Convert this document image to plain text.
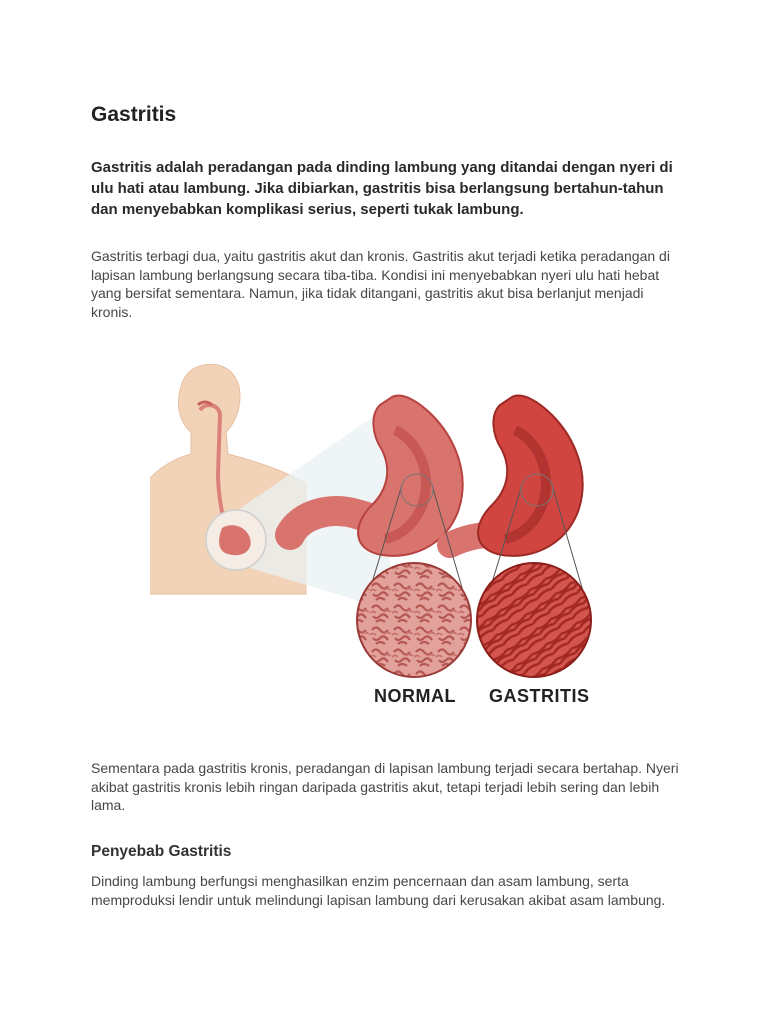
Gastritis

Gastritis adalah peradangan pada dinding lambung yang ditandai dengan nyeri di ulu hati atau lambung. Jika dibiarkan, gastritis bisa berlangsung bertahun-tahun dan menyebabkan komplikasi serius, seperti tukak lambung.

Gastritis terbagi dua, yaitu gastritis akut dan kronis. Gastritis akut terjadi ketika peradangan di lapisan lambung berlangsung secara tiba-tiba. Kondisi ini menyebabkan nyeri ulu hati hebat yang bersifat sementara. Namun, jika tidak ditangani, gastritis akut bisa berlanjut menjadi kronis.

NORMAL GASTRITIS

Sementara pada gastritis kronis, peradangan di lapisan lambung terjadi secara bertahap. Nyeri akibat gastritis kronis lebih ringan daripada gastritis akut, tetapi terjadi lebih sering dan lebih lama.

Penyebab Gastritis

Dinding lambung berfungsi menghasilkan enzim pencernaan dan asam lambung, serta memproduksi lendir untuk melindungi lapisan lambung dari kerusakan akibat asam lambung.
